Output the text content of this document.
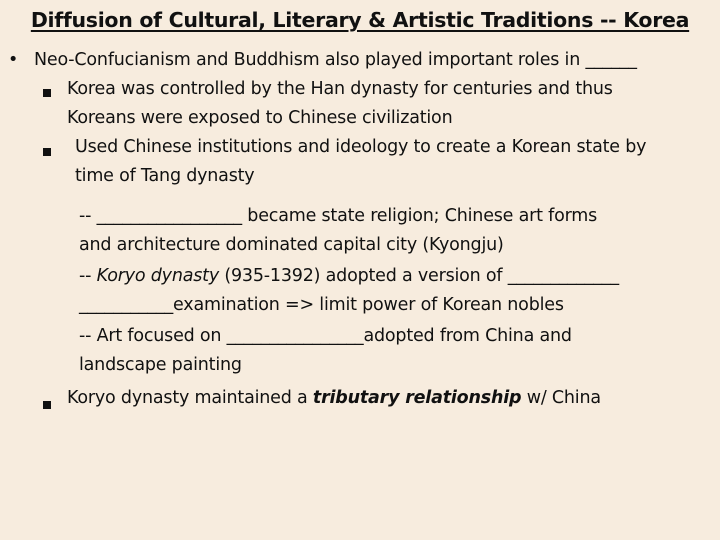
Diffusion of Cultural, Literary & Artistic Traditions -- Korea
• Neo-Confucianism and Buddhism also played important roles in ______
Korea was controlled by the Han dynasty for centuries and thus
Koreans were exposed to Chinese civilization
Used Chinese institutions and ideology to create a Korean state by
time of Tang dynasty
-- _________________ became state religion; Chinese art forms
and architecture dominated capital city (Kyongju)
-- Koryo dynasty (935-1392) adopted a version of _____________
___________examination => limit power of Korean nobles
-- Art focused on ________________adopted from China and
landscape painting
Koryo dynasty maintained a tributary relationship w/ China
